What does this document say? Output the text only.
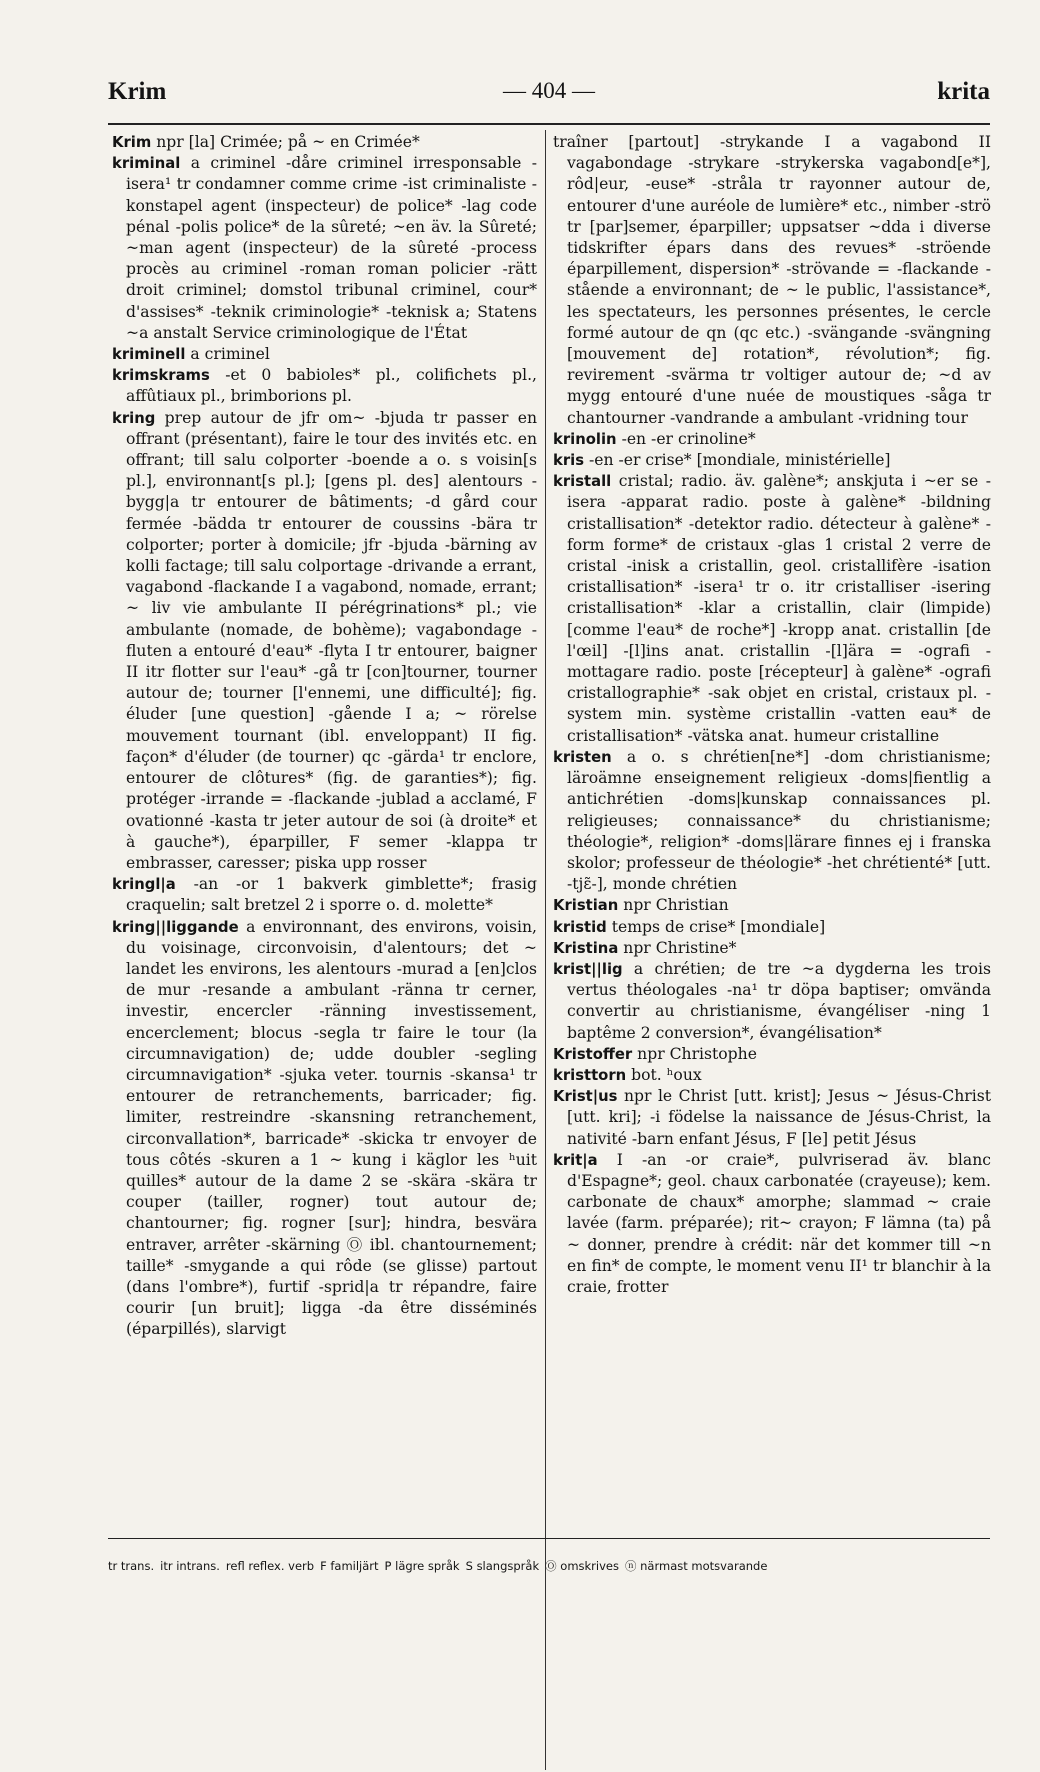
Krim	— 404 —	krita
Krim npr [la] Crimée; på ~ en Crimée*
kriminal a criminel -dåre criminel irresponsable -isera¹ tr condamner comme crime -ist criminaliste -konstapel agent (inspecteur) de police* -lag code pénal -polis police* de la sûreté; ~en äv. la Sûreté; ~man agent (inspecteur) de la sûreté -process procès au criminel -roman roman policier -rätt droit criminel; domstol tribunal criminel, cour* d'assises* -teknik criminologie* -teknisk a; Statens ~a anstalt Service criminologique de l'État
kriminell a criminel
krimskrams -et 0 babioles* pl., colifichets pl., affûtiaux pl., brimborions pl.
kring prep autour de jfr om~ -bjuda tr passer en offrant (présentant), faire le tour des invités etc. en offrant; till salu colporter -boende a o. s voisin[s pl.], environnant[s pl.]; [gens pl. des] alentours -bygg|a tr entourer de bâtiments; -d gård cour fermée -bädda tr entourer de coussins -bära tr colporter; porter à domicile; jfr -bjuda -bärning av kolli factage; till salu colportage -drivande a errant, vagabond -flackande I a vagabond, nomade, errant; ~ liv vie ambulante II pérégrinations* pl.; vie ambulante (nomade, de bohème); vagabondage -fluten a entouré d'eau* -flyta I tr entourer, baigner II itr flotter sur l'eau* -gå tr [con]tourner, tourner autour de; tourner [l'ennemi, une difficulté]; fig. éluder [une question] -gående I a; ~ rörelse mouvement tournant (ibl. enveloppant) II fig. façon* d'éluder (de tourner) qc -gärda¹ tr enclore, entourer de clôtures* (fig. de garanties*); fig. protéger -irrande = -flackande -jublad a acclamé, F ovationné -kasta tr jeter autour de soi (à droite* et à gauche*), éparpiller, F semer -klappa tr embrasser, caresser; piska upp rosser
kringl|a -an -or 1 bakverk gimblette*; frasig craquelin; salt bretzel 2 i sporre o. d. molette*
kring||liggande a environnant, des environs, voisin, du voisinage, circonvoisin, d'alentours; det ~ landet les environs, les alentours -murad a [en]clos de mur -resande a ambulant -ränna tr cerner, investir, encercler -ränning investissement, encerclement; blocus -segla tr faire le tour (la circumnavigation) de; udde doubler -segling circumnavigation* -sjuka veter. tournis -skansa¹ tr entourer de retranchements, barricader; fig. limiter, restreindre -skansning retranchement, circonvallation*, barricade* -skicka tr envoyer de tous côtés -skuren a 1 ~ kung i käglor les ʰuit quilles* autour de la dame 2 se -skära -skära tr couper (tailler, rogner) tout autour de; chantourner; fig. rogner [sur]; hindra, besvära entraver, arrêter -skärning Ⓞ ibl. chantournement; taille* -smygande a qui rôde (se glisse) partout (dans l'ombre*), furtif -sprid|a tr répandre, faire courir [un bruit]; ligga -da être disséminés (éparpillés), slarvigt
traîner [partout] -strykande I a vagabond II vagabondage -strykare -strykerska vagabond[e*], rôd|eur, -euse* -stråla tr rayonner autour de, entourer d'une auréole de lumière* etc., nimber -strö tr [par]semer, éparpiller; uppsatser ~dda i diverse tidskrifter épars dans des revues* -ströende éparpillement, dispersion* -strövande = -flackande -stående a environnant; de ~ le public, l'assistance*, les spectateurs, les personnes présentes, le cercle formé autour de qn (qc etc.) -svängande -svängning [mouvement de] rotation*, révolution*; fig. revirement -svärma tr voltiger autour de; ~d av mygg entouré d'une nuée de moustiques -såga tr chantourner -vandrande a ambulant -vridning tour
krinolin -en -er crinoline*
kris -en -er crise* [mondiale, ministérielle]
kristall cristal; radio. äv. galène*; anskjuta i ~er se -isera -apparat radio. poste à galène* -bildning cristallisation* -detektor radio. détecteur à galène* -form forme* de cristaux -glas 1 cristal 2 verre de cristal -inisk a cristallin, geol. cristallifère -isation cristallisation* -isera¹ tr o. itr cristalliser -isering cristallisation* -klar a cristallin, clair (limpide) [comme l'eau* de roche*] -kropp anat. cristallin [de l'œil] -[l]ins anat. cristallin -[l]ära = -ografi -mottagare radio. poste [récepteur] à galène* -ografi cristallographie* -sak objet en cristal, cristaux pl. -system min. système cristallin -vatten eau* de cristallisation* -vätska anat. humeur cristalline
kristen a o. s chrétien[ne*] -dom christianisme; läroämne enseignement religieux -doms|fientlig a antichrétien -doms|kunskap connaissances pl. religieuses; connaissance* du christianisme; théologie*, religion* -doms|lärare finnes ej i franska skolor; professeur de théologie* -het chrétienté* [utt. -tjɛ̃-], monde chrétien
Kristian npr Christian
kristid temps de crise* [mondiale]
Kristina npr Christine*
krist||lig a chrétien; de tre ~a dygderna les trois vertus théologales -na¹ tr döpa baptiser; omvända convertir au christianisme, évangéliser -ning 1 baptême 2 conversion*, évangélisation*
Kristoffer npr Christophe
kristtorn bot. ʰoux
Krist|us npr le Christ [utt. krist]; Jesus ~ Jésus-Christ [utt. kri]; -i födelse la naissance de Jésus-Christ, la nativité -barn enfant Jésus, F [le] petit Jésus
krit|a I -an -or craie*, pulvriserad äv. blanc d'Espagne*; geol. chaux carbonatée (crayeuse); kem. carbonate de chaux* amorphe; slammad ~ craie lavée (farm. préparée); rit~ crayon; F lämna (ta) på ~ donner, prendre à crédit: när det kommer till ~n en fin* de compte, le moment venu II¹ tr blanchir à la craie, frotter
tr trans. itr intrans. refl reflex. verb F familjärt P lägre språk S slangspråk Ⓞ omskrives ⓝ närmast motsvarande
